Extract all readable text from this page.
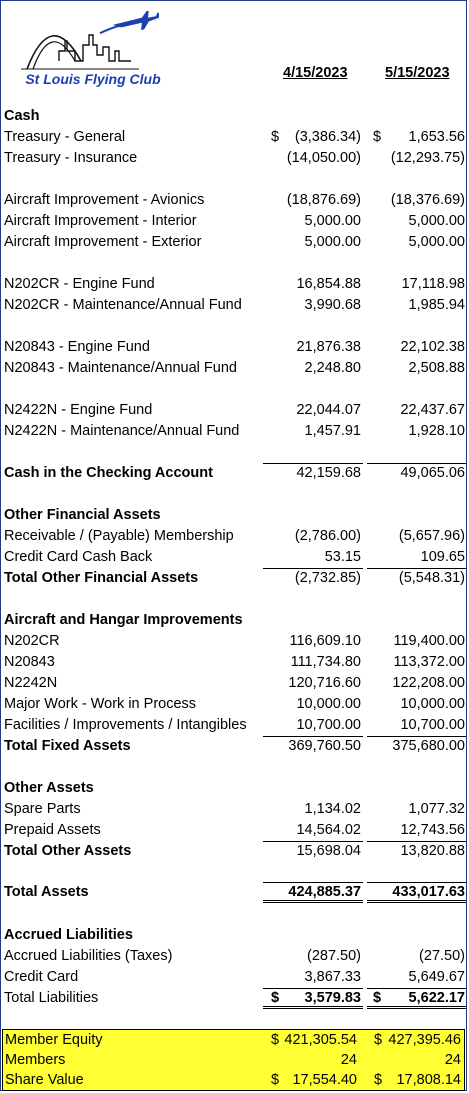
St Louis Flying Club	4/15/2023	5/15/2023
Cash
Treasury - General	$ (3,386.34) $ 1,653.56
Treasury - Insurance	(14,050.00) (12,293.75)
Aircraft Improvement - Avionics	(18,876.69) (18,376.69)
Aircraft Improvement - Interior	5,000.00	5,000.00
Aircraft Improvement - Exterior	5,000.00	5,000.00
N202CR - Engine Fund	16,854.88	17,118.98
N202CR - Maintenance/Annual Fund	3,990.68	1,985.94
N20843 - Engine Fund	21,876.38	22,102.38
N20843 - Maintenance/Annual Fund	2,248.80	2,508.88
N2422N - Engine Fund	22,044.07	22,437.67
N2422N - Maintenance/Annual Fund	1,457.91	1,928.10
Cash in the Checking Account	42,159.68	49,065.06
Other Financial Assets
Receivable / (Payable) Membership	(2,786.00)	(5,657.96)
Credit Card Cash Back	53.15	109.65
Total Other Financial Assets	(2,732.85)	(5,548.31)
Aircraft and Hangar Improvements
N202CR	116,609.10 119,400.00
N20843	111,734.80 113,372.00
N2242N	120,716.60 122,208.00
Major Work - Work in Process	10,000.00	10,000.00
Facilities / Improvements / Intangibles	10,700.00	10,700.00
Total Fixed Assets	369,760.50 375,680.00
Other Assets
Spare Parts	1,134.02	1,077.32
Prepaid Assets	14,564.02	12,743.56
Total Other Assets	15,698.04	13,820.88
Total Assets	424,885.37 433,017.63
Accrued Liabilities
Accrued Liabilities (Taxes)	(287.50)	(27.50)
Credit Card	3,867.33	5,649.67
Total Liabilities	$ 3,579.83 $ 5,622.17
Member Equity	$ 421,305.54 $ 427,395.46
Members	24	24
Share Value	$ 17,554.40 $ 17,808.14
